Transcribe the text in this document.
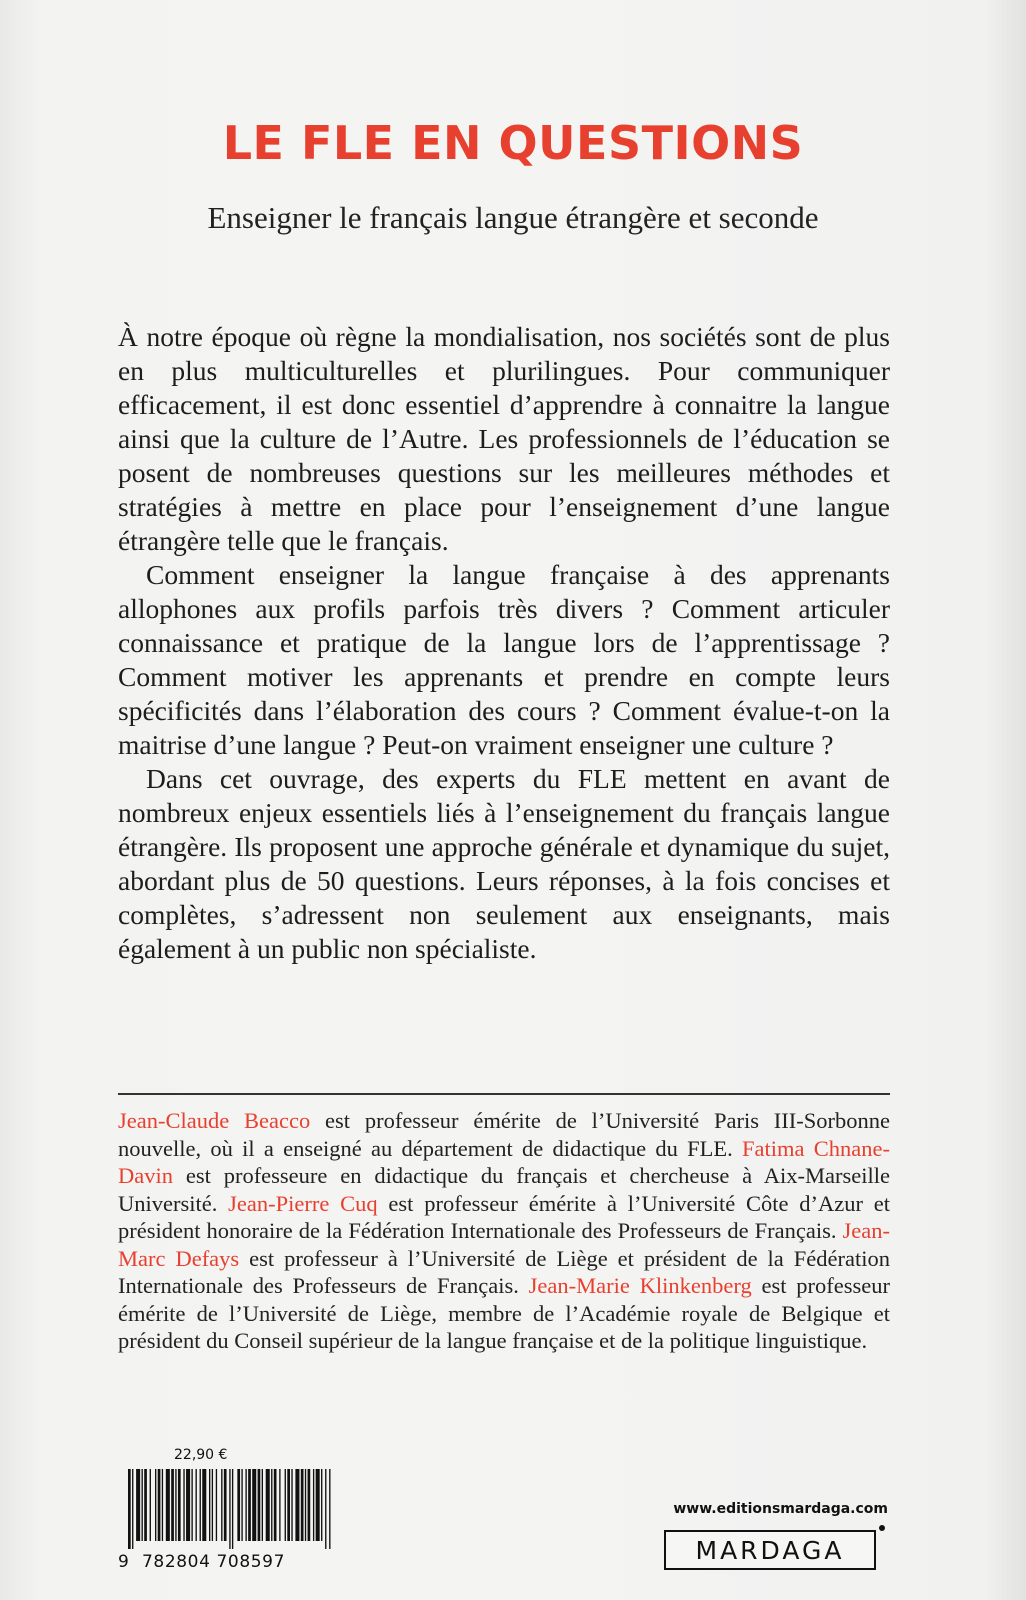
LE FLE EN QUESTIONS
Enseigner le français langue étrangère et seconde

À notre époque où règne la mondialisation, nos sociétés sont de plus en plus multiculturelles et plurilingues. Pour communiquer efficacement, il est donc essentiel d’apprendre à connaitre la langue ainsi que la culture de l’Autre. Les professionnels de l’éducation se posent de nombreuses questions sur les meilleures méthodes et stratégies à mettre en place pour l’enseignement d’une langue étrangère telle que le français.

Comment enseigner la langue française à des apprenants allophones aux profils parfois très divers ? Comment articuler connaissance et pratique de la langue lors de l’apprentissage ? Comment motiver les apprenants et prendre en compte leurs spécificités dans l’élaboration des cours ? Comment évalue-t-on la maitrise d’une langue ? Peut-on vraiment enseigner une culture ?

Dans cet ouvrage, des experts du FLE mettent en avant de nombreux enjeux essentiels liés à l’enseignement du français langue étrangère. Ils proposent une approche générale et dynamique du sujet, abordant plus de 50 questions. Leurs réponses, à la fois concises et complètes, s’adressent non seulement aux enseignants, mais également à un public non spécialiste.

Jean-Claude Beacco est professeur émérite de l’Université Paris III-Sorbonne nouvelle, où il a enseigné au département de didactique du FLE. Fatima Chnane-Davin est professeure en didactique du français et chercheuse à Aix-Marseille Université. Jean-Pierre Cuq est professeur émérite à l’Université Côte d’Azur et président honoraire de la Fédération Internationale des Professeurs de Français. Jean-Marc Defays est professeur à l’Université de Liège et président de la Fédération Internationale des Professeurs de Français. Jean-Marie Klinkenberg est professeur émérite de l’Université de Liège, membre de l’Académie royale de Belgique et président du Conseil supérieur de la langue française et de la politique linguistique.
22,90 €
9 782804 708597
www.editionsmardaga.com
MARDAGA
